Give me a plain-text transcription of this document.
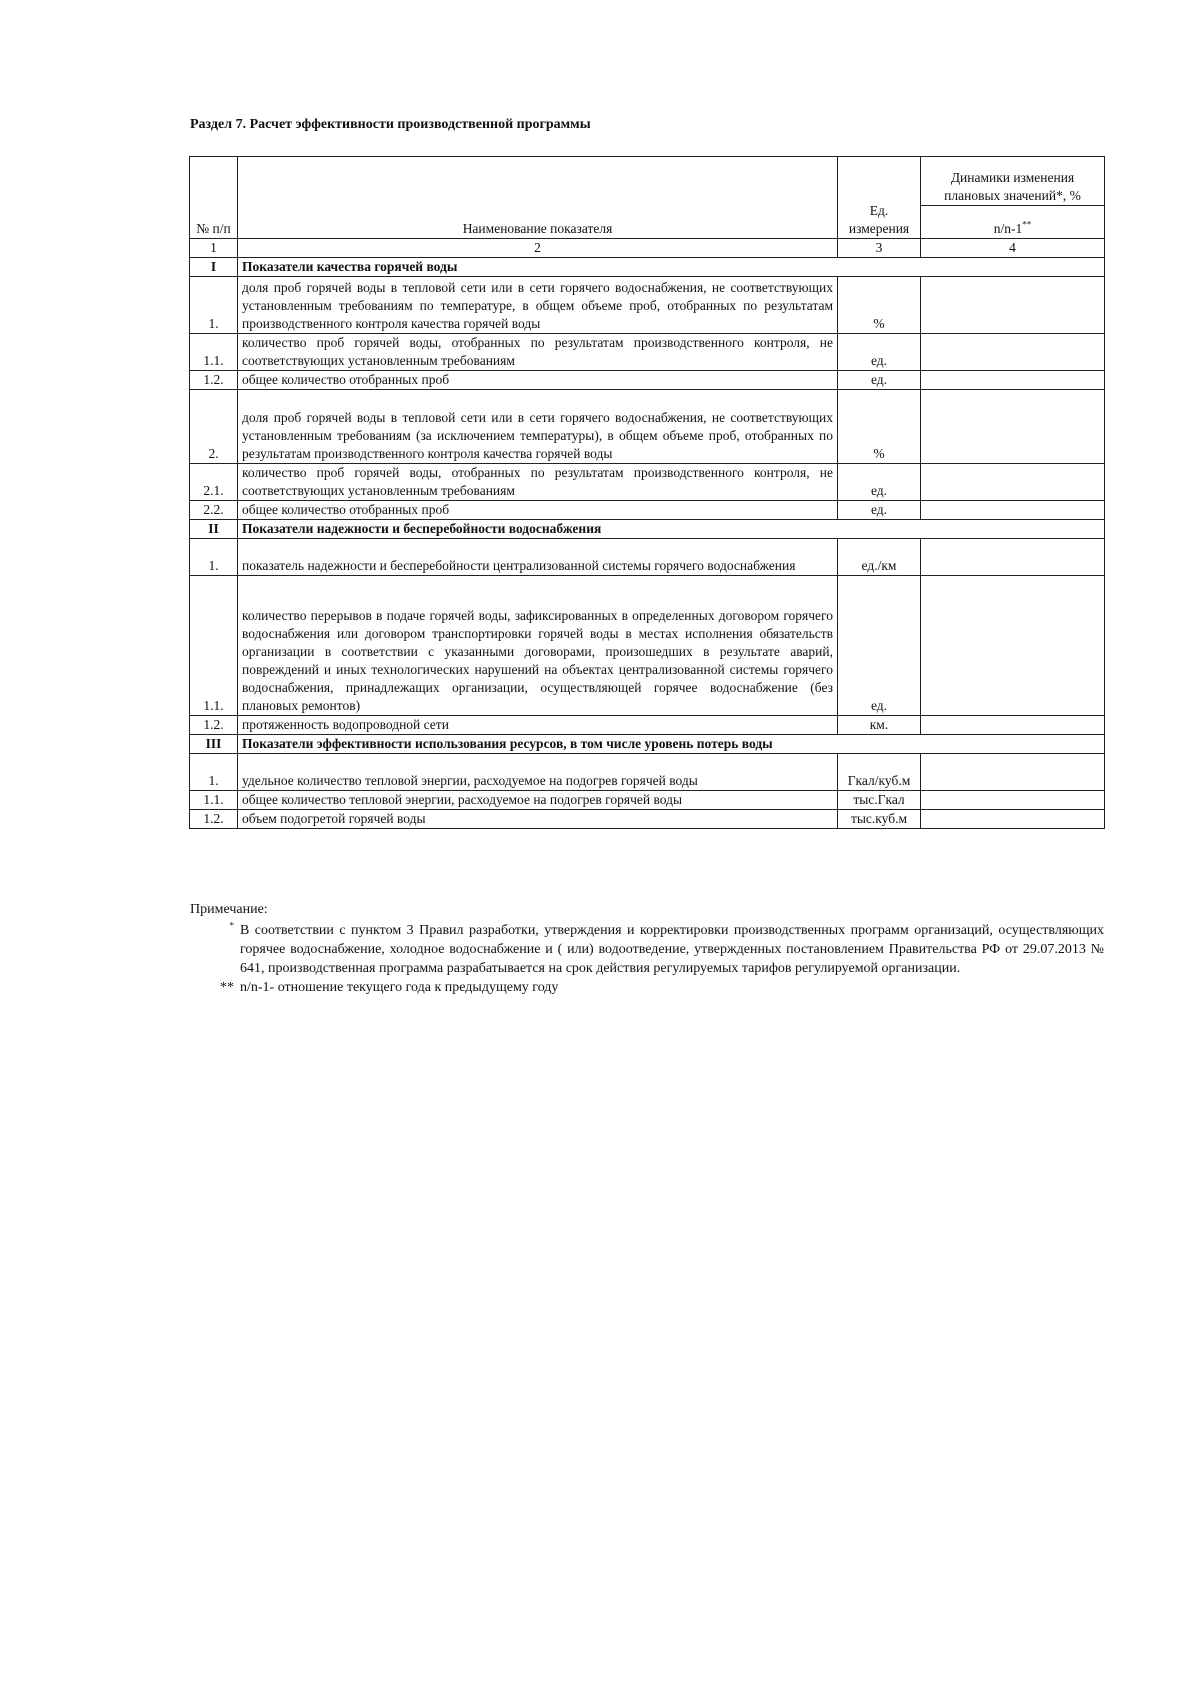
Раздел 7. Расчет эффективности производственной программы
№ п/п	Наименование показателя	Ед. измерения	Динамики изменения плановых значений*, %
			n/n-1**
1	2	3	4
I	Показатели качества горячей воды		
1.	доля проб горячей воды в тепловой сети или в сети горячего водоснабжения, не соответствующих установленным требованиям по температуре, в общем объеме проб, отобранных по результатам производственного контроля качества горячей воды	%	
1.1.	количество проб горячей воды, отобранных по результатам производственного контроля, не соответствующих установленным требованиям	ед.	
1.2.	общее количество отобранных проб	ед.	
2.	доля проб горячей воды в тепловой сети или в сети горячего водоснабжения, не соответствующих установленным требованиям (за исключением температуры), в общем объеме проб, отобранных по результатам производственного контроля качества горячей воды	%	
2.1.	количество проб горячей воды, отобранных по результатам производственного контроля, не соответствующих установленным требованиям	ед.	
2.2.	общее количество отобранных проб	ед.	
II	Показатели надежности и бесперебойности водоснабжения		
1.	показатель надежности и бесперебойности централизованной системы горячего водоснабжения	ед./км	
1.1.	количество перерывов в подаче горячей воды, зафиксированных в определенных договором горячего водоснабжения или договором транспортировки горячей воды в местах исполнения обязательств организации в соответствии с указанными договорами, произошедших в результате аварий, повреждений и иных технологических нарушений на объектах централизованной системы горячего водоснабжения, принадлежащих организации, осуществляющей горячее водоснабжение (без плановых ремонтов)	ед.	
1.2.	протяженность водопроводной сети	км.	
III	Показатели эффективности использования ресурсов, в том числе уровень потерь воды		
1.	удельное количество тепловой энергии, расходуемое на подогрев горячей воды	Гкал/куб.м	
1.1.	общее количество тепловой энергии, расходуемое на подогрев горячей воды	тыс.Гкал	
1.2.	объем подогретой горячей воды	тыс.куб.м	
Примечание:
* В соответствии с пунктом 3 Правил разработки, утверждения и корректировки производственных программ организаций, осуществляющих горячее водоснабжение, холодное водоснабжение и ( или) водоотведение, утвержденных постановлением Правительства РФ от 29.07.2013 № 641, производственная программа разрабатывается на срок действия регулируемых тарифов регулируемой организации.
** n/n-1- отношение текущего года к предыдущему году
